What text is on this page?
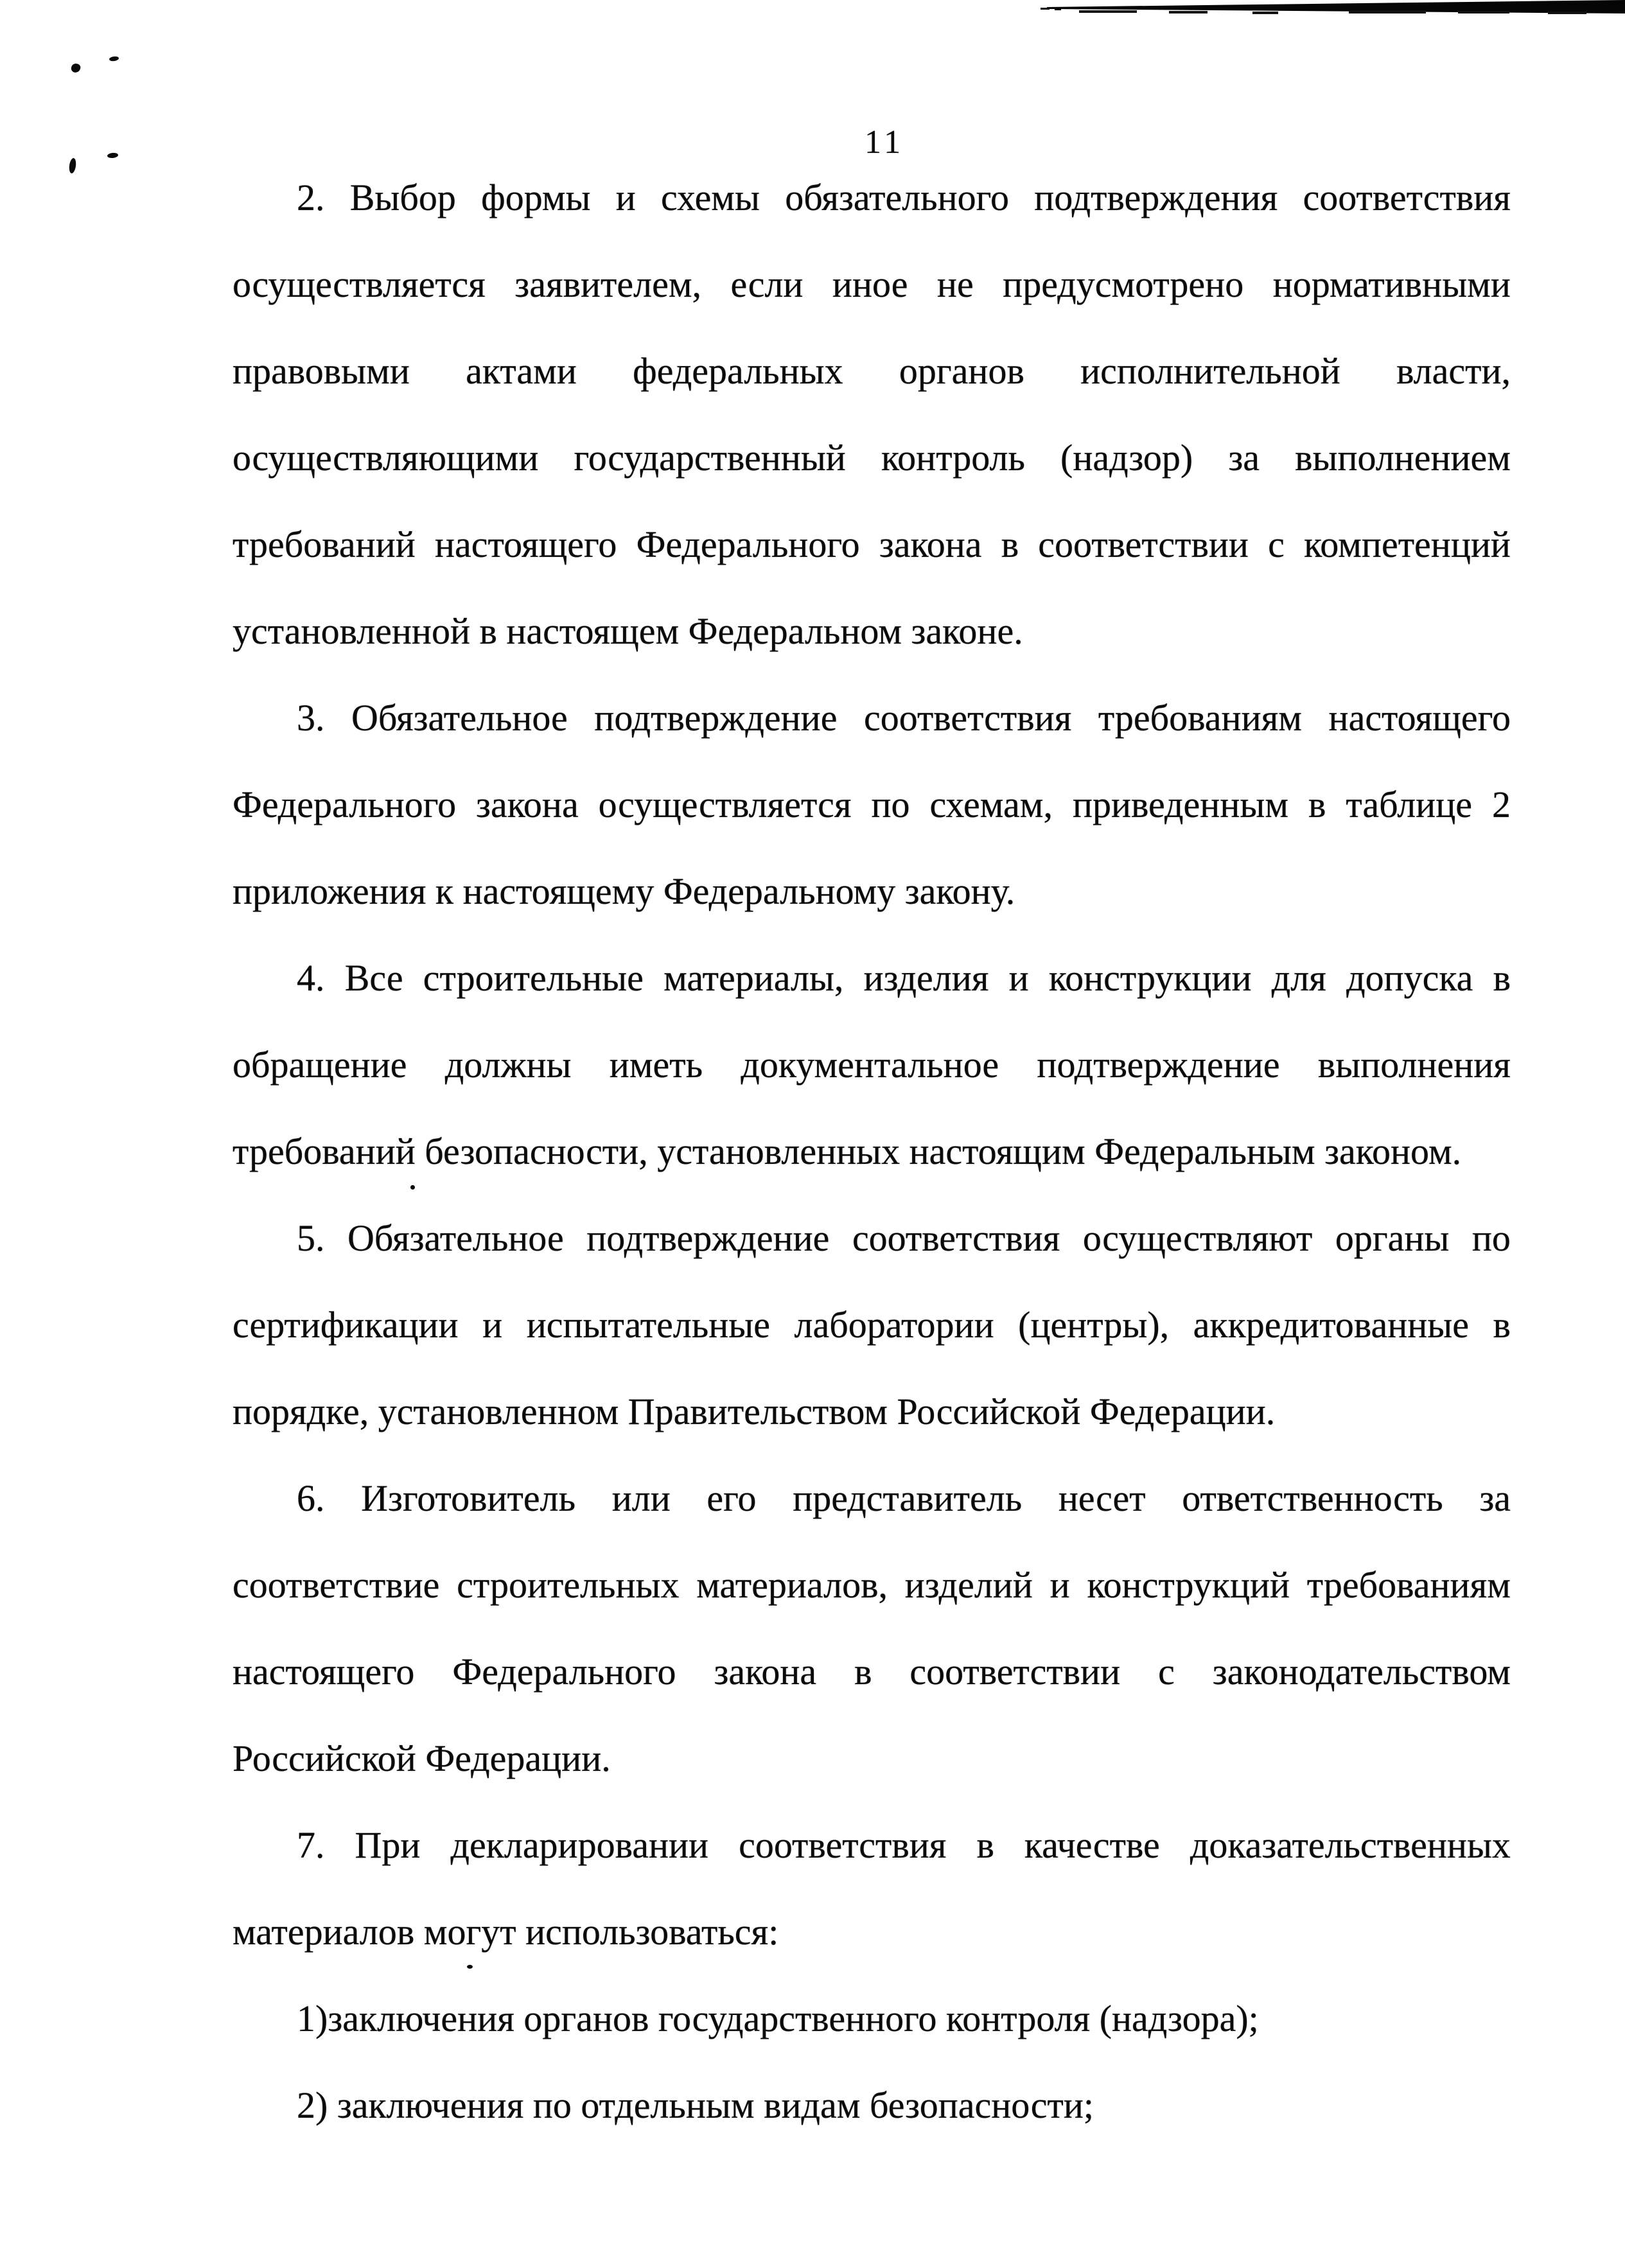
11
2. Выбор формы и схемы обязательного подтверждения соответствия
осуществляется заявителем, если иное не предусмотрено нормативными
правовыми актами федеральных органов исполнительной власти,
осуществляющими государственный контроль (надзор) за выполнением
требований настоящего Федерального закона в соответствии с компетенций
установленной в настоящем Федеральном законе.
3. Обязательное подтверждение соответствия требованиям настоящего
Федерального закона осуществляется по схемам, приведенным в таблице 2
приложения к настоящему Федеральному закону.
4. Все строительные материалы, изделия и конструкции для допуска в
обращение должны иметь документальное подтверждение выполнения
требований безопасности, установленных настоящим Федеральным законом.
5. Обязательное подтверждение соответствия осуществляют органы по
сертификации и испытательные лаборатории (центры), аккредитованные в
порядке, установленном Правительством Российской Федерации.
6. Изготовитель или его представитель несет ответственность за
соответствие строительных материалов, изделий и конструкций требованиям
настоящего Федерального закона в соответствии с законодательством
Российской Федерации.
7. При декларировании соответствия в качестве доказательственных
материалов могут использоваться:
1)заключения органов государственного контроля (надзора);
2) заключения по отдельным видам безопасности;
